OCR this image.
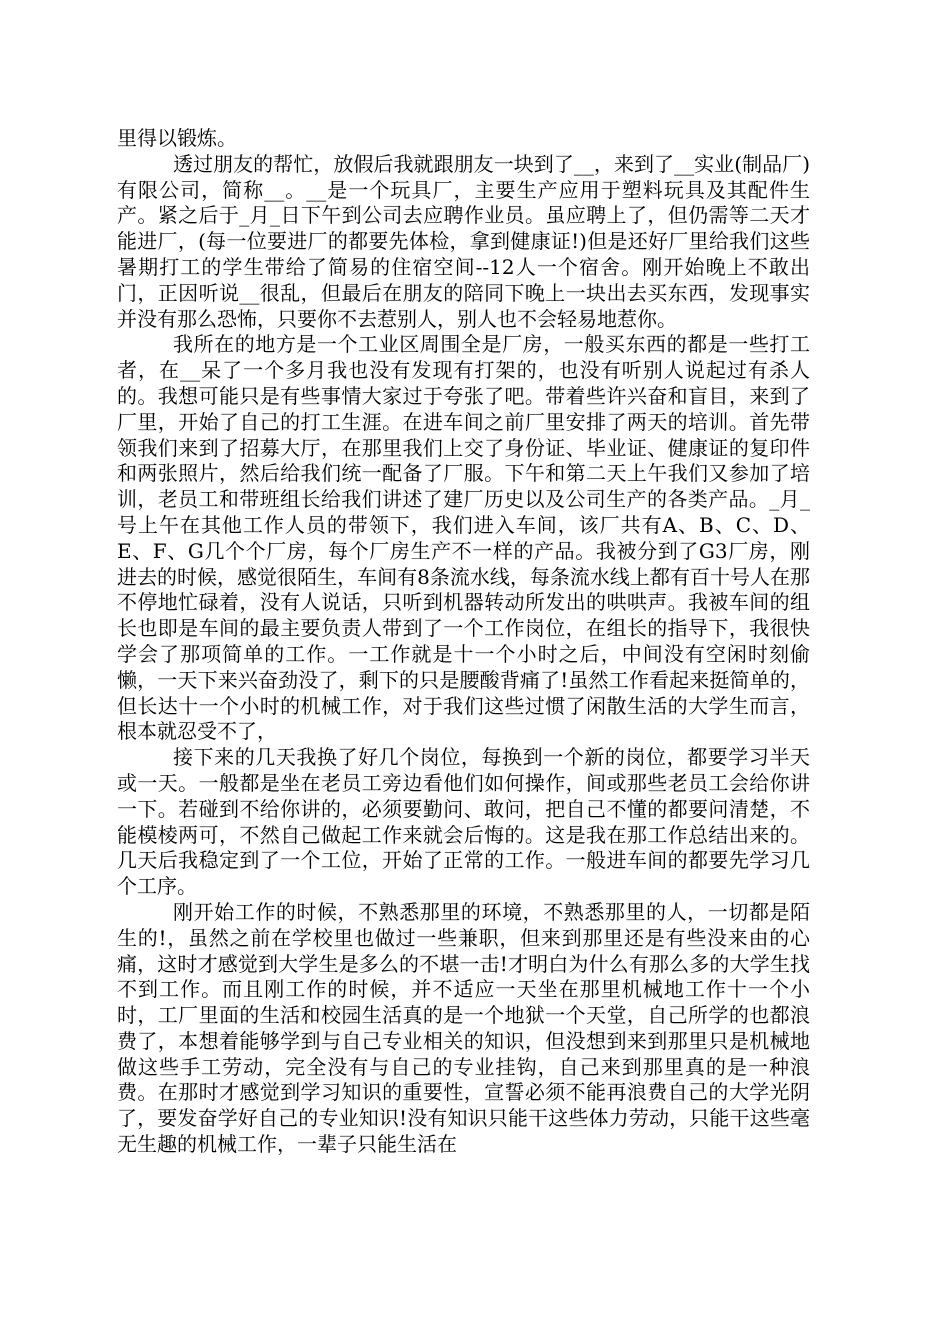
里得以锻炼。

透过朋友的帮忙，放假后我就跟朋友一块到了__，来到了__实业(制品厂)有限公司，简称__。__是一个玩具厂，主要生产应用于塑料玩具及其配件生产。紧之后于_月_日下午到公司去应聘作业员。虽应聘上了，但仍需等二天才能进厂，(每一位要进厂的都要先体检，拿到健康证!)但是还好厂里给我们这些暑期打工的学生带给了简易的住宿空间--12人一个宿舍。刚开始晚上不敢出门，正因听说__很乱，但最后在朋友的陪同下晚上一块出去买东西，发现事实并没有那么恐怖，只要你不去惹别人，别人也不会轻易地惹你。

我所在的地方是一个工业区周围全是厂房，一般买东西的都是一些打工者，在__呆了一个多月我也没有发现有打架的，也没有听别人说起过有杀人的。我想可能只是有些事情大家过于夸张了吧。带着些许兴奋和盲目，来到了厂里，开始了自己的打工生涯。在进车间之前厂里安排了两天的培训。首先带领我们来到了招募大厅，在那里我们上交了身份证、毕业证、健康证的复印件和两张照片，然后给我们统一配备了厂服。下午和第二天上午我们又参加了培训，老员工和带班组长给我们讲述了建厂历史以及公司生产的各类产品。_月_号上午在其他工作人员的带领下，我们进入车间，该厂共有A、B、C、D、E、F、G几个个厂房，每个厂房生产不一样的产品。我被分到了G3厂房，刚进去的时候，感觉很陌生，车间有8条流水线，每条流水线上都有百十号人在那不停地忙碌着，没有人说话，只听到机器转动所发出的哄哄声。我被车间的组长也即是车间的最主要负责人带到了一个工作岗位，在组长的指导下，我很快学会了那项简单的工作。一工作就是十一个小时之后，中间没有空闲时刻偷懒，一天下来兴奋劲没了，剩下的只是腰酸背痛了!虽然工作看起来挺简单的，但长达十一个小时的机械工作，对于我们这些过惯了闲散生活的大学生而言，根本就忍受不了，

接下来的几天我换了好几个岗位，每换到一个新的岗位，都要学习半天或一天。一般都是坐在老员工旁边看他们如何操作，间或那些老员工会给你讲一下。若碰到不给你讲的，必须要勤问、敢问，把自己不懂的都要问清楚，不能模棱两可，不然自己做起工作来就会后悔的。这是我在那工作总结出来的。几天后我稳定到了一个工位，开始了正常的工作。一般进车间的都要先学习几个工序。

刚开始工作的时候，不熟悉那里的环境，不熟悉那里的人，一切都是陌生的!，虽然之前在学校里也做过一些兼职，但来到那里还是有些没来由的心痛，这时才感觉到大学生是多么的不堪一击!才明白为什么有那么多的大学生找不到工作。而且刚工作的时候，并不适应一天坐在那里机械地工作十一个小时，工厂里面的生活和校园生活真的是一个地狱一个天堂，自己所学的也都浪费了，本想着能够学到与自己专业相关的知识，但没想到来到那里只是机械地做这些手工劳动，完全没有与自己的专业挂钩，自己来到那里真的是一种浪费。在那时才感觉到学习知识的重要性，宣誓必须不能再浪费自己的大学光阴了，要发奋学好自己的专业知识!没有知识只能干这些体力劳动，只能干这些毫无生趣的机械工作，一辈子只能生活在
